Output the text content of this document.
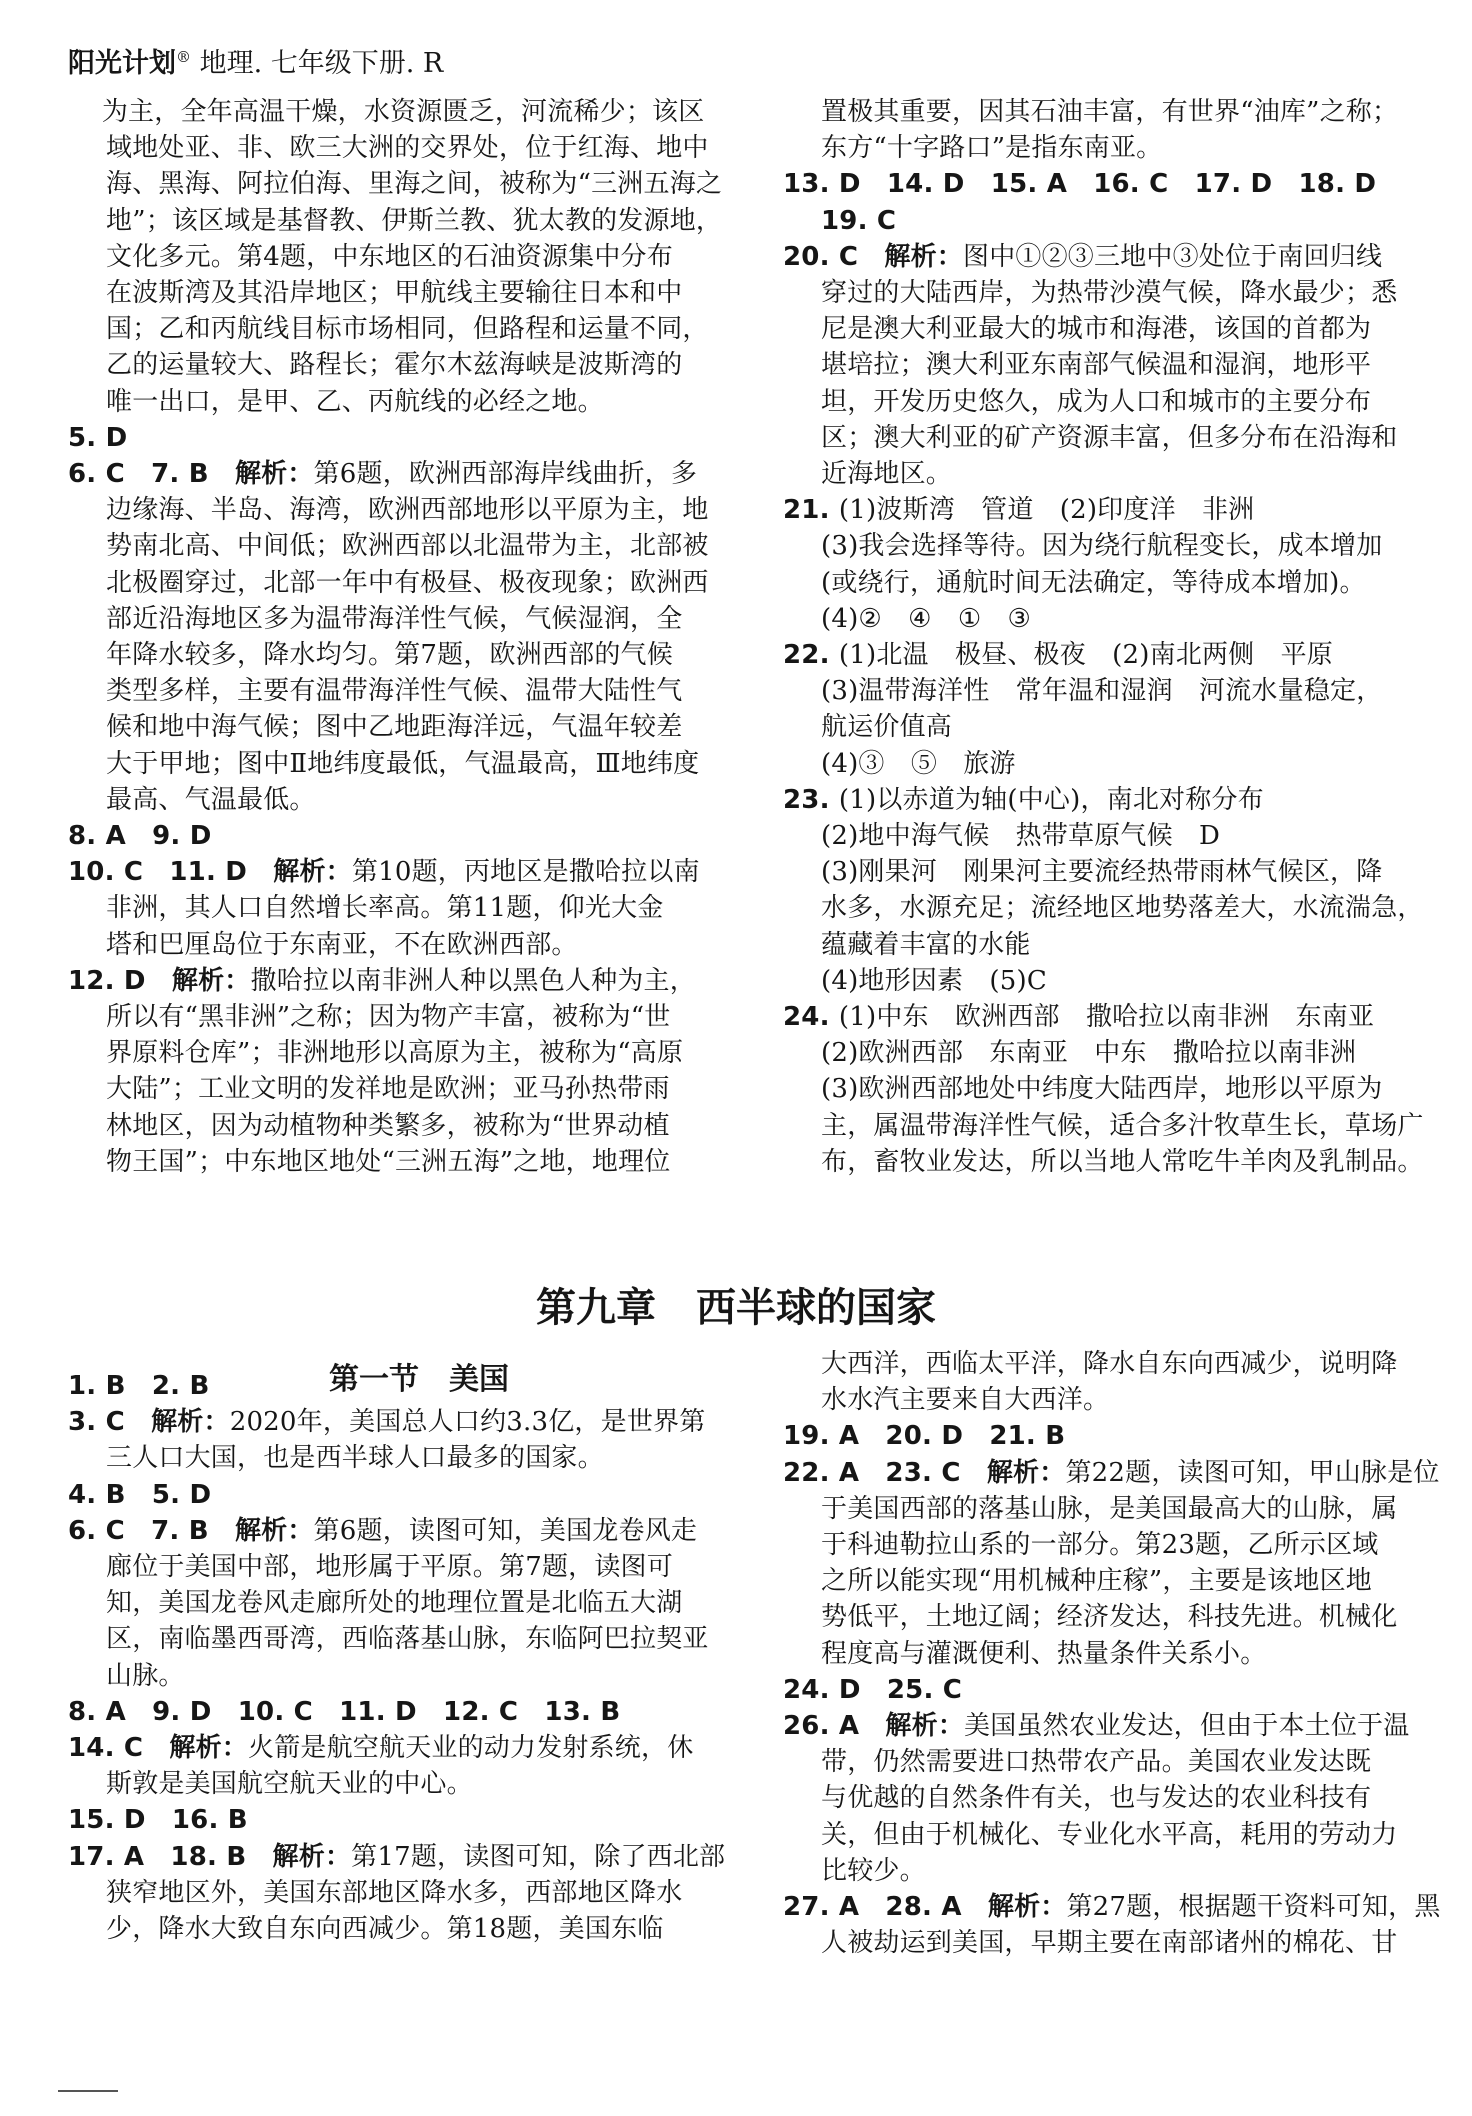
阳光计划® 地理. 七年级下册. R

为主，全年高温干燥，水资源匮乏，河流稀少；该区

域地处亚、非、欧三大洲的交界处，位于红海、地中

海、黑海、阿拉伯海、里海之间，被称为“三洲五海之

地”；该区域是基督教、伊斯兰教、犹太教的发源地，

文化多元。第4题，中东地区的石油资源集中分布

在波斯湾及其沿岸地区；甲航线主要输往日本和中

国；乙和丙航线目标市场相同，但路程和运量不同，

乙的运量较大、路程长；霍尔木兹海峡是波斯湾的

唯一出口，是甲、乙、丙航线的必经之地。

5. D

6. C　7. B　解析：第6题，欧洲西部海岸线曲折，多

边缘海、半岛、海湾，欧洲西部地形以平原为主，地

势南北高、中间低；欧洲西部以北温带为主，北部被

北极圈穿过，北部一年中有极昼、极夜现象；欧洲西

部近沿海地区多为温带海洋性气候，气候湿润，全

年降水较多，降水均匀。第7题，欧洲西部的气候

类型多样，主要有温带海洋性气候、温带大陆性气

候和地中海气候；图中乙地距海洋远，气温年较差

大于甲地；图中Ⅱ地纬度最低，气温最高，Ⅲ地纬度

最高、气温最低。

8. A　9. D

10. C　11. D　解析：第10题，丙地区是撒哈拉以南

非洲，其人口自然增长率高。第11题，仰光大金

塔和巴厘岛位于东南亚，不在欧洲西部。

12. D　解析：撒哈拉以南非洲人种以黑色人种为主，

所以有“黑非洲”之称；因为物产丰富，被称为“世

界原料仓库”；非洲地形以高原为主，被称为“高原

大陆”；工业文明的发祥地是欧洲；亚马孙热带雨

林地区，因为动植物种类繁多，被称为“世界动植

物王国”；中东地区地处“三洲五海”之地，地理位

置极其重要，因其石油丰富，有世界“油库”之称；

东方“十字路口”是指东南亚。

13. D　14. D　15. A　16. C　17. D　18. D　19. C

20. C　解析：图中①②③三地中③处位于南回归线

穿过的大陆西岸，为热带沙漠气候，降水最少；悉

尼是澳大利亚最大的城市和海港，该国的首都为

堪培拉；澳大利亚东南部气候温和湿润，地形平

坦，开发历史悠久，成为人口和城市的主要分布

区；澳大利亚的矿产资源丰富，但多分布在沿海和

近海地区。

21. (1)波斯湾　管道　(2)印度洋　非洲

(3)我会选择等待。因为绕行航程变长，成本增加

(或绕行，通航时间无法确定，等待成本增加)。

(4)②　④　①　③

22. (1)北温　极昼、极夜　(2)南北两侧　平原

(3)温带海洋性　常年温和湿润　河流水量稳定，

航运价值高

(4)③　⑤　旅游

23. (1)以赤道为轴(中心)，南北对称分布

(2)地中海气候　热带草原气候　D

(3)刚果河　刚果河主要流经热带雨林气候区，降

水多，水源充足；流经地区地势落差大，水流湍急，

蕴藏着丰富的水能

(4)地形因素　(5)C

24. (1)中东　欧洲西部　撒哈拉以南非洲　东南亚

(2)欧洲西部　东南亚　中东　撒哈拉以南非洲

(3)欧洲西部地处中纬度大陆西岸，地形以平原为

主，属温带海洋性气候，适合多汁牧草生长，草场广

布，畜牧业发达，所以当地人常吃牛羊肉及乳制品。

第九章　西半球的国家
第一节　美国

1. B　2. B

3. C　解析：2020年，美国总人口约3.3亿，是世界第

三人口大国，也是西半球人口最多的国家。

4. B　5. D

6. C　7. B　解析：第6题，读图可知，美国龙卷风走

廊位于美国中部，地形属于平原。第7题，读图可

知，美国龙卷风走廊所处的地理位置是北临五大湖

区，南临墨西哥湾，西临落基山脉，东临阿巴拉契亚

山脉。

8. A　9. D　10. C　11. D　12. C　13. B

14. C　解析：火箭是航空航天业的动力发射系统，休

斯敦是美国航空航天业的中心。

15. D　16. B

17. A　18. B　解析：第17题，读图可知，除了西北部

狭窄地区外，美国东部地区降水多，西部地区降水

少，降水大致自东向西减少。第18题，美国东临

大西洋，西临太平洋，降水自东向西减少，说明降

水水汽主要来自大西洋。

19. A　20. D　21. B

22. A　23. C　解析：第22题，读图可知，甲山脉是位

于美国西部的落基山脉，是美国最高大的山脉，属

于科迪勒拉山系的一部分。第23题，乙所示区域

之所以能实现“用机械种庄稼”，主要是该地区地

势低平，土地辽阔；经济发达，科技先进。机械化

程度高与灌溉便利、热量条件关系小。

24. D　25. C

26. A　解析：美国虽然农业发达，但由于本土位于温

带，仍然需要进口热带农产品。美国农业发达既

与优越的自然条件有关，也与发达的农业科技有

关，但由于机械化、专业化水平高，耗用的劳动力

比较少。

27. A　28. A　解析：第27题，根据题干资料可知，黑

人被劫运到美国，早期主要在南部诸州的棉花、甘
